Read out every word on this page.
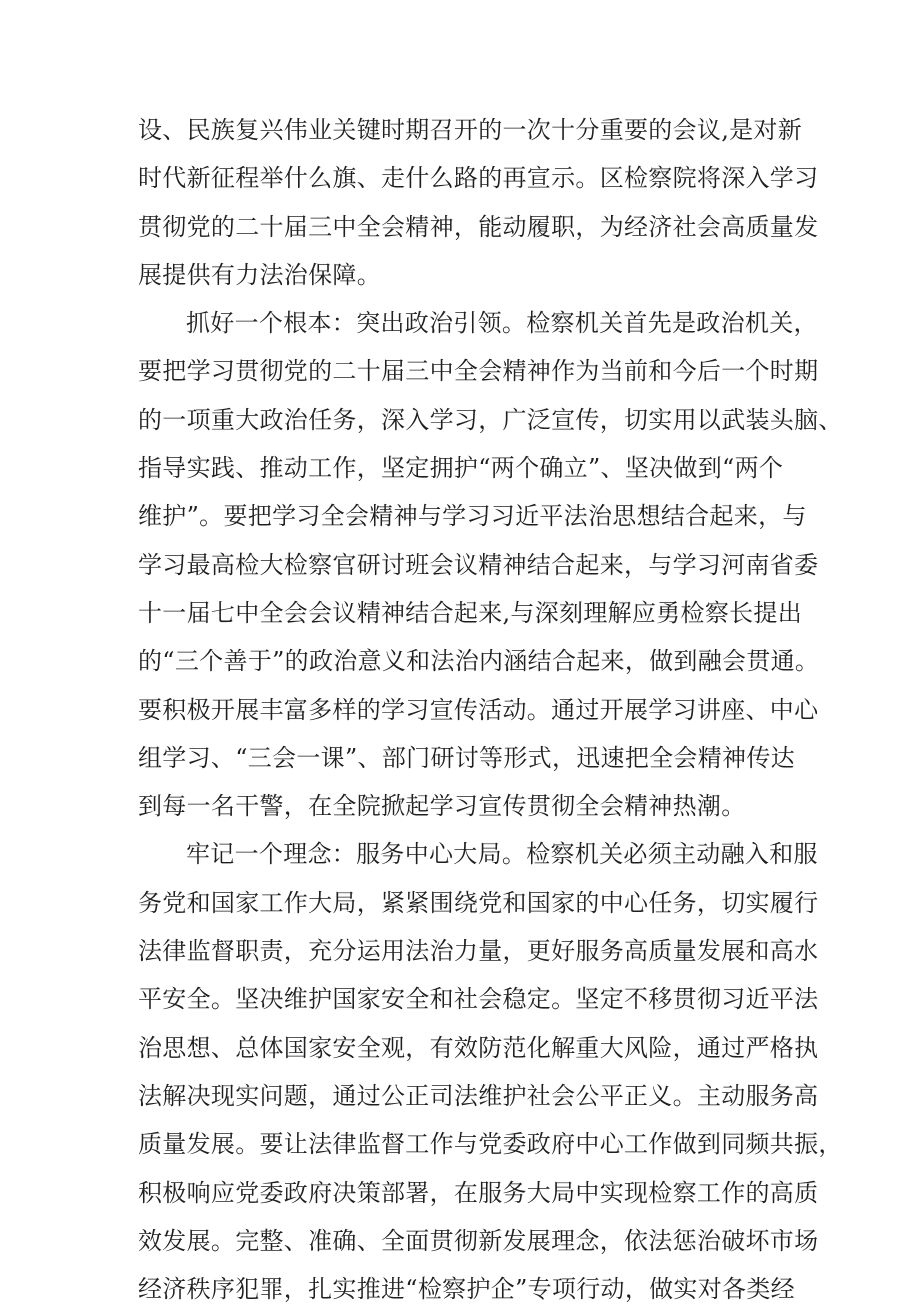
设、民族复兴伟业关键时期召开的一次十分重要的会议,是对新
时代新征程举什么旗、走什么路的再宣示。区检察院将深入学习
贯彻党的二十届三中全会精神，能动履职，为经济社会高质量发
展提供有力法治保障。
抓好一个根本：突出政治引领。检察机关首先是政治机关，
要把学习贯彻党的二十届三中全会精神作为当前和今后一个时期
的一项重大政治任务，深入学习，广泛宣传，切实用以武装头脑、
指导实践、推动工作，坚定拥护“两个确立”、坚决做到“两个
维护”。要把学习全会精神与学习习近平法治思想结合起来，与
学习最高检大检察官研讨班会议精神结合起来，与学习河南省委
十一届七中全会会议精神结合起来,与深刻理解应勇检察长提出
的“三个善于”的政治意义和法治内涵结合起来，做到融会贯通。
要积极开展丰富多样的学习宣传活动。通过开展学习讲座、中心
组学习、“三会一课”、部门研讨等形式，迅速把全会精神传达
到每一名干警，在全院掀起学习宣传贯彻全会精神热潮。
牢记一个理念：服务中心大局。检察机关必须主动融入和服
务党和国家工作大局，紧紧围绕党和国家的中心任务，切实履行
法律监督职责，充分运用法治力量，更好服务高质量发展和高水
平安全。坚决维护国家安全和社会稳定。坚定不移贯彻习近平法
治思想、总体国家安全观，有效防范化解重大风险，通过严格执
法解决现实问题，通过公正司法维护社会公平正义。主动服务高
质量发展。要让法律监督工作与党委政府中心工作做到同频共振，
积极响应党委政府决策部署，在服务大局中实现检察工作的高质
效发展。完整、准确、全面贯彻新发展理念，依法惩治破坏市场
经济秩序犯罪，扎实推进“检察护企”专项行动，做实对各类经
